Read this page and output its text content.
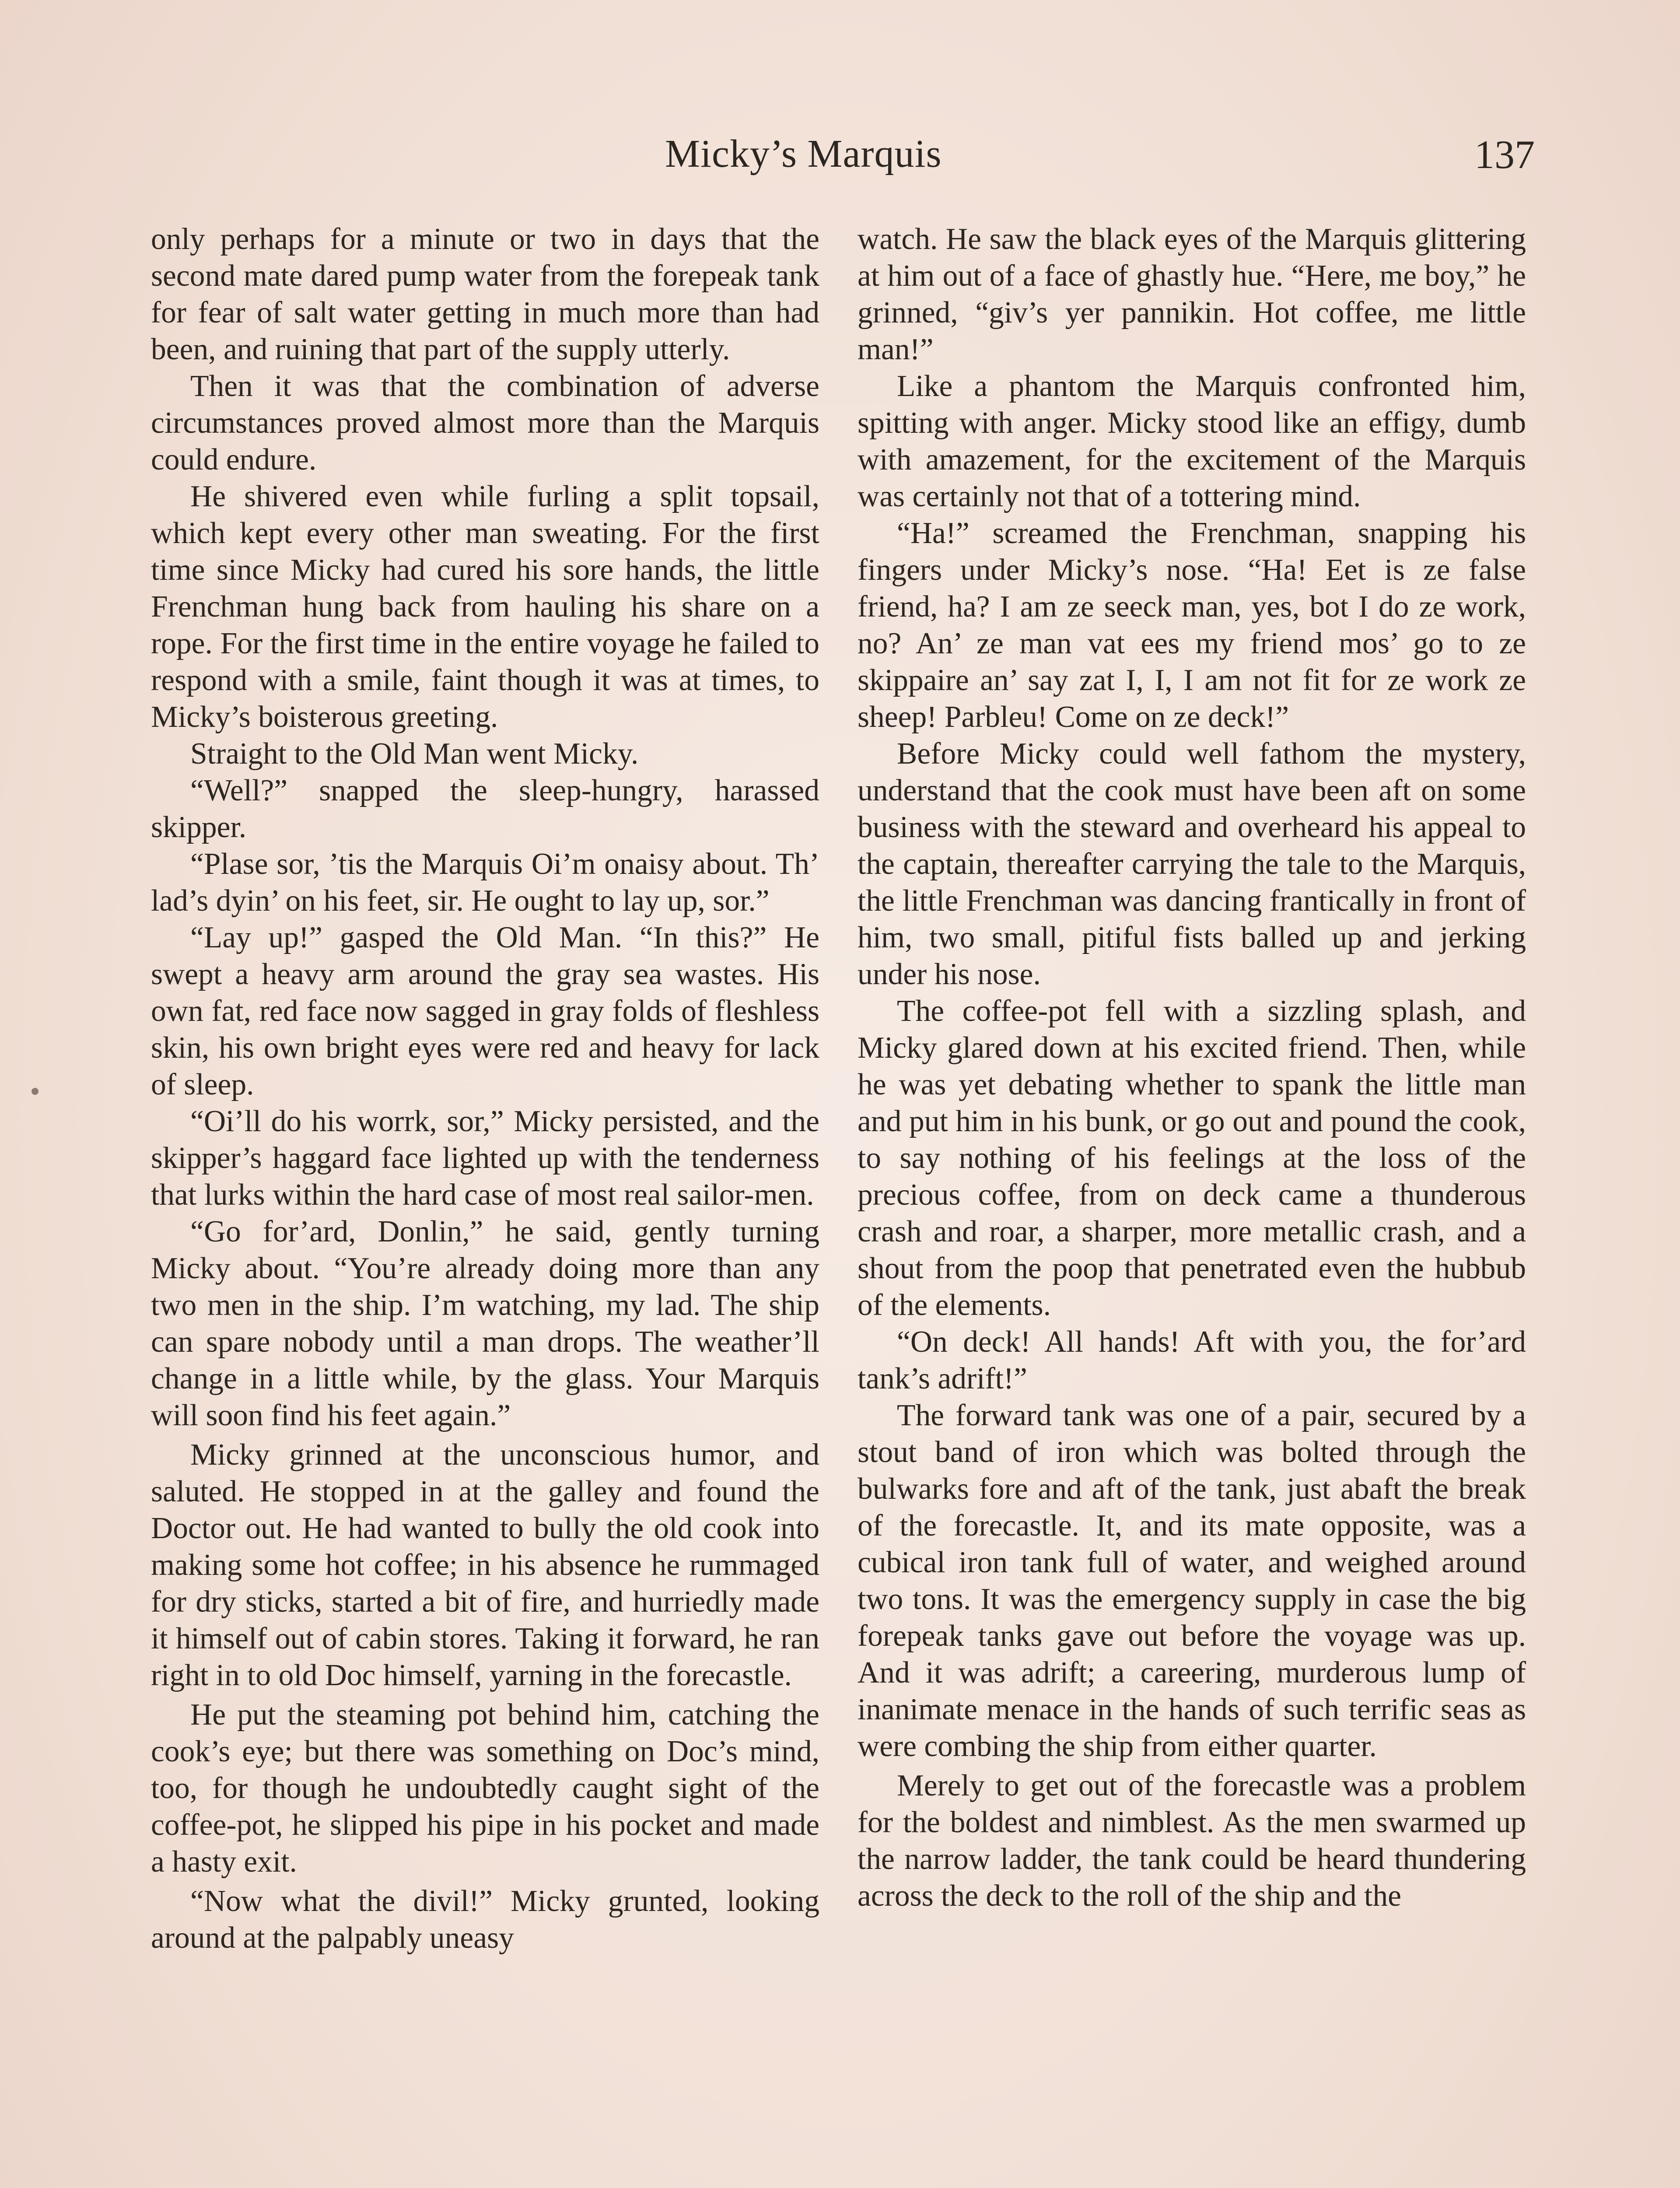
Micky’s Marquis	137

only perhaps for a minute or two in days that the second mate dared pump water from the forepeak tank for fear of salt water getting in much more than had been, and ruining that part of the supply utterly.

Then it was that the combination of adverse circumstances proved almost more than the Marquis could endure.

He shivered even while furling a split topsail, which kept every other man sweating. For the first time since Micky had cured his sore hands, the little Frenchman hung back from hauling his share on a rope. For the first time in the entire voyage he failed to respond with a smile, faint though it was at times, to Micky’s boisterous greeting.

Straight to the Old Man went Micky.

“Well?” snapped the sleep-hungry, harassed skipper.

“Plase sor, ’tis the Marquis Oi’m onaisy about. Th’ lad’s dyin’ on his feet, sir. He ought to lay up, sor.”

“Lay up!” gasped the Old Man. “In this?” He swept a heavy arm around the gray sea wastes. His own fat, red face now sagged in gray folds of fleshless skin, his own bright eyes were red and heavy for lack of sleep.

“Oi’ll do his worrk, sor,” Micky persisted, and the skipper’s haggard face lighted up with the tenderness that lurks within the hard case of most real sailor-men.

“Go for’ard, Donlin,” he said, gently turning Micky about. “You’re already doing more than any two men in the ship. I’m watching, my lad. The ship can spare nobody until a man drops. The weather’ll change in a little while, by the glass. Your Marquis will soon find his feet again.”

Micky grinned at the unconscious humor, and saluted. He stopped in at the galley and found the Doctor out. He had wanted to bully the old cook into making some hot coffee; in his absence he rummaged for dry sticks, started a bit of fire, and hurriedly made it himself out of cabin stores. Taking it forward, he ran right in to old Doc himself, yarning in the forecastle.

He put the steaming pot behind him, catching the cook’s eye; but there was something on Doc’s mind, too, for though he undoubtedly caught sight of the coffee-pot, he slipped his pipe in his pocket and made a hasty exit.

“Now what the divil!” Micky grunted, looking around at the palpably uneasy

watch. He saw the black eyes of the Marquis glittering at him out of a face of ghastly hue. “Here, me boy,” he grinned, “giv’s yer pannikin. Hot coffee, me little man!”

Like a phantom the Marquis confronted him, spitting with anger. Micky stood like an effigy, dumb with amazement, for the excitement of the Marquis was certainly not that of a tottering mind.

“Ha!” screamed the Frenchman, snapping his fingers under Micky’s nose. “Ha! Eet is ze false friend, ha? I am ze seeck man, yes, bot I do ze work, no? An’ ze man vat ees my friend mos’ go to ze skippaire an’ say zat I, I, I am not fit for ze work ze sheep! Parbleu! Come on ze deck!”

Before Micky could well fathom the mystery, understand that the cook must have been aft on some business with the steward and overheard his appeal to the captain, thereafter carrying the tale to the Marquis, the little Frenchman was dancing frantically in front of him, two small, pitiful fists balled up and jerking under his nose.

The coffee-pot fell with a sizzling splash, and Micky glared down at his excited friend. Then, while he was yet debating whether to spank the little man and put him in his bunk, or go out and pound the cook, to say nothing of his feelings at the loss of the precious coffee, from on deck came a thunderous crash and roar, a sharper, more metallic crash, and a shout from the poop that penetrated even the hubbub of the elements.

“On deck! All hands! Aft with you, the for’ard tank’s adrift!”

The forward tank was one of a pair, secured by a stout band of iron which was bolted through the bulwarks fore and aft of the tank, just abaft the break of the forecastle. It, and its mate opposite, was a cubical iron tank full of water, and weighed around two tons. It was the emergency supply in case the big forepeak tanks gave out before the voyage was up. And it was adrift; a careering, murderous lump of inanimate menace in the hands of such terrific seas as were combing the ship from either quarter.

Merely to get out of the forecastle was a problem for the boldest and nimblest. As the men swarmed up the narrow ladder, the tank could be heard thundering across the deck to the roll of the ship and the
